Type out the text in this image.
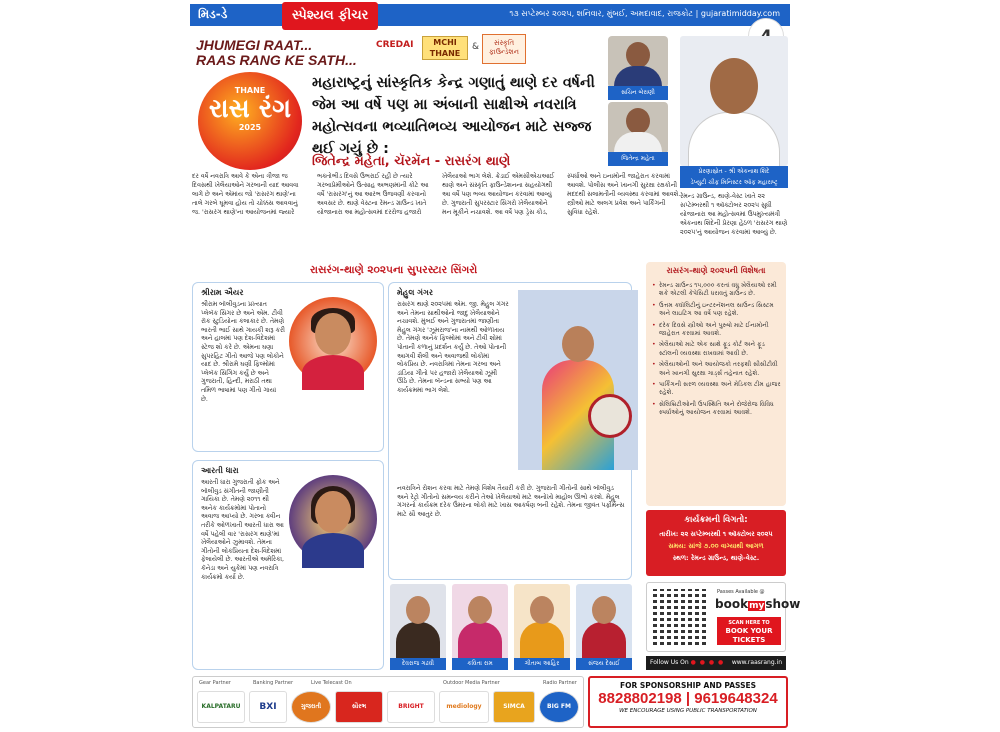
મિડ-ડે	સ્પેશ્યલ ફીચર	૧૩ સપ્ટેમ્બર ૨૦૨૫, શનિવાર, મુંબઈ, અમદાવાદ, રાજકોટ | gujaratimidday.com
JHUMEGI RAAT...
RAAS RANG KE SATH...
CREDAI	MCHI
THANE
&	સંસ્કૃતિ ફાઉન્ડેશન
THANE
રાસ રંગ
2025
મહારાષ્ટ્રનું સાંસ્કૃતિક કેન્દ્ર ગણાતું થાણે દર વર્ષની જેમ આ વર્ષે પણ મા અંબાની સાક્ષીએ નવરાત્રિ મહોત્સવના ભવ્યાતિભવ્ય આયોજન માટે સજ્જ થઈ ગયું છે :
જિતેન્દ્ર મહેતા, ચૅરમૅન - રાસરંગ થાણે
સચિન બેરાણી
જિતેન્દ્ર મહેતા
પ્રેરણાસ્રોત - શ્રી એકનાથ શિંદે
ડેપ્યુટી ચીફ મિનિસ્ટર ઑફ મહારાષ્ટ્ર
દર વર્ષે નવરાત્રિ આવે કે એના ત્રીજા જ દિવસથી ખેલૈયાઓને ગરબાની યાદ આવવા લાગે છે અને એમાંય જો 'રાસરંગ થાણે'ના તાલે ગરબે ઘૂમવા હોય તો ચોક્કસ આવવાનું જ. 'રાસરંગ થાણે'ના આયોજનમાં જ્યારે ભક્તોભીડ દિવસે ઉભરાઈ રહી છે ત્યારે ગરબાપ્રેમીઓને ઉત્સાહ અભણમાંની કોટે આ વર્ષે 'રાસરંગ'નું આ આરંભ ઉજવણી કરવાનો અવસર છે. થાણે વેસ્ટના રેમન્ડ ગ્રાઉન્ડ ખાતે યોજાનારા આ મહોત્સવમાં દરરોજ હજારો ખેલૈયાઓ ભાગ લેશે. ક્રેડાઈ એમસીએચઆઈ થાણે અને સંસ્કૃતિ ફાઉન્ડેશનના સહયોગથી આ વર્ષે પણ ભવ્ય આયોજન કરવામાં આવ્યું છે. ગુજરાતી સુપરસ્ટાર સિંગરો ખેલૈયાઓને મન મૂકીને નચાવશે. આ વર્ષે પણ ડ્રેસ કોડ, સ્પર્ધાઓ અને ઇનામોની જાહેરાત કરવામાં આવશે. પોલીસ અને ખાનગી સુરક્ષા રક્ષકોની મદદથી સલામતીની વ્યવસ્થા કરવામાં આવશે. સ્ત્રીઓ માટે અલગ પ્રવેશ અને પાર્કિંગની સુવિધા રહેશે.
રેમન્ડ ગ્રાઉન્ડ, થાણે-વેસ્ટ ખાતે ૨૨ સપ્ટેમ્બરથી ૧ ઑક્ટોબર ૨૦૨૫ સુધી યોજાનારા આ મહોત્સવમાં ઉપમુખ્યમંત્રી એકનાથ શિંદેની પ્રેરણા હેઠળ 'રાસરંગ થાણે ૨૦૨૫'નું આયોજન કરવામાં આવ્યું છે.
રાસરંગ-થાણે ૨૦૨૫ના સુપરસ્ટાર સિંગરો
શ્રીરામ ઐયર
શ્રીરામ બૉલીવુડના પ્રખ્યાત પ્લેબૅક સિંગર છે અને એમ. ટીવી રૉક સ્ટુડિયોના કલાકાર છે. તેમણે ભારતી ભાઈ સાથે ગાયકી શરૂ કરી અને હાલમાં પણ દેશ-વિદેશમાં સ્ટેજ શો કરે છે. એમના ઘણા સુપરહિટ ગીતો આજે પણ લોકોને યાદ છે. શ્રીરામે ઘણી ફિલ્મોમાં પ્લેબૅક સિંગિંગ કર્યું છે અને ગુજરાતી, હિન્દી, મરાઠી તથા તમિળ ભાષામાં પણ ગીતો ગાયાં છે.
આરતી ધારા
આરતી ધારા ગુજરાતી ફોક અને બૉલીવુડ સંગીતની જાણીતી ગાયિકા છે. તેમણે ૨૦૧૧ થી અનેક કાર્યક્રમોમાં પોતાનો અવાજ આપ્યો છે. ગરબા ક્વીન તરીકે ઓળખાતી આરતી ધારા આ વર્ષે પહેલી વાર 'રાસરંગ થાણે'માં ખેલૈયાઓને ઝુમાવશે. તેમના ગીતોની લોકપ્રિયતા દેશ-વિદેશમાં ફેલાયેલી છે. આરતીએ અમેરિકા, કૅનેડા અને યુકેમાં પણ નવરાત્રિ કાર્યક્રમો કર્યા છે.
મેહુલ ગંગર
રાસરંગ થાણે ૨૦૨૫માં એમ. જી. મેહુલ ગંગર અને તેમના સાથીઓનો જાદુ ખેલૈયાઓને નચાવશે. મુંબઈ અને ગુજરાતમાં જાણીતા મેહુલ ગંગર 'ઝૂમરાજ'ના નામથી ઓળખાય છે. તેમણે અનેક ફિલ્મોમાં અને ટીવી શોમાં પોતાની કળાનું પ્રદર્શન કર્યું છે. તેઓ પોતાની આગવી શૈલી અને અવાજથી લોકોમાં લોકપ્રિય છે. નવરાત્રિમાં તેમના ગરબા અને ડાંડિયા ગીતો પર હજારો ખેલૈયાઓ ઝૂમી ઊઠે છે. તેમના બૅન્ડના સભ્યો પણ આ કાર્યક્રમમાં ભાગ લેશે.
નવરાત્રિને રોશન કરવા માટે તેમણે વિશેષ તૈયારી કરી છે. ગુજરાતી ગીતોની સાથે બૉલીવુડ અને રેટ્રો ગીતોનો સમન્વય કરીને તેઓ ખેલૈયાઓ માટે અનોખો માહોલ ઊભો કરશે. મેહુલ ગંગરનો કાર્યક્રમ દરેક ઉંમરના લોકો માટે ખાસ આકર્ષણ બની રહેશે. તેમના જીવંત પર્ફોર્મન્સ માટે સૌ આતુર છે.
દેવરાજ ગઢવી	કવિતા રામ	ગીતાબ આહિર	સંજય દેસાઈ
રાસરંગ-થાણે ૨૦૨૫ની વિશેષતા
• રેમન્ડ ગ્રાઉન્ડ ૧૫,૦૦૦ કરતાં વધુ ખેલૈયાઓ રમી શકે એટલી કેપેસિટી ધરાવતું ગ્રાઉન્ડ છે.
• ઉત્તમ ક્વૉલિટીનું ઇન્ટરનૅશનલ સાઉન્ડ સિસ્ટમ અને લાઇટિંગ આ વર્ષે પણ રહેશે.
• દરેક દિવસે સ્ત્રીઓ અને પુરુષો માટે ઈનામોની જાહેરાત કરવામાં આવશે.
• ખેલૈયાઓ માટે એક સાથે ફૂડ કોર્ટ અને ફૂડ સ્ટૉલની વ્યવસ્થા રાખવામાં આવી છે.
• ખેલૈયાઓની અને આયોજકો તરફથી સીસીટીવી અને ખાનગી સુરક્ષા ગાર્ડ્સ તહેનાત રહેશે.
• પાર્કિંગની સરળ વ્યવસ્થા અને મેડિકલ ટીમ હાજર રહેશે.
• સેલિબ્રિટીઓની ઉપસ્થિતિ અને રોજેરોજ વિવિધ સ્પર્ધાઓનું આયોજન કરવામાં આવશે.
કાર્યક્રમની વિગતો:
તારીખ: ૨૨ સપ્ટેમ્બરથી ૧ ઑક્ટોબર ૨૦૨૫
સમય: સાંજે ૭.૦૦ વાગ્યાથી આગળ
સ્થળ: રેમન્ડ ગ્રાઉન્ડ, થાણે-વેસ્ટ.
Passes Available @
bookmyshow
SCAN HERE TO
BOOK YOUR TICKETS
Follow Us On ● ● ● ● www.raasrang.in
Gear Partner	Banking Partner	Live Telecast On	Outdoor Media Partner	Radio Partner
KALPATARU	BXI	ગુજરાતી	સૌરભ	BRIGHT	mediology	SIMCA	BIG FM
FOR SPONSORSHIP AND PASSES
8828802198 | 9619648324
WE ENCOURAGE USING PUBLIC TRANSPORTATION
